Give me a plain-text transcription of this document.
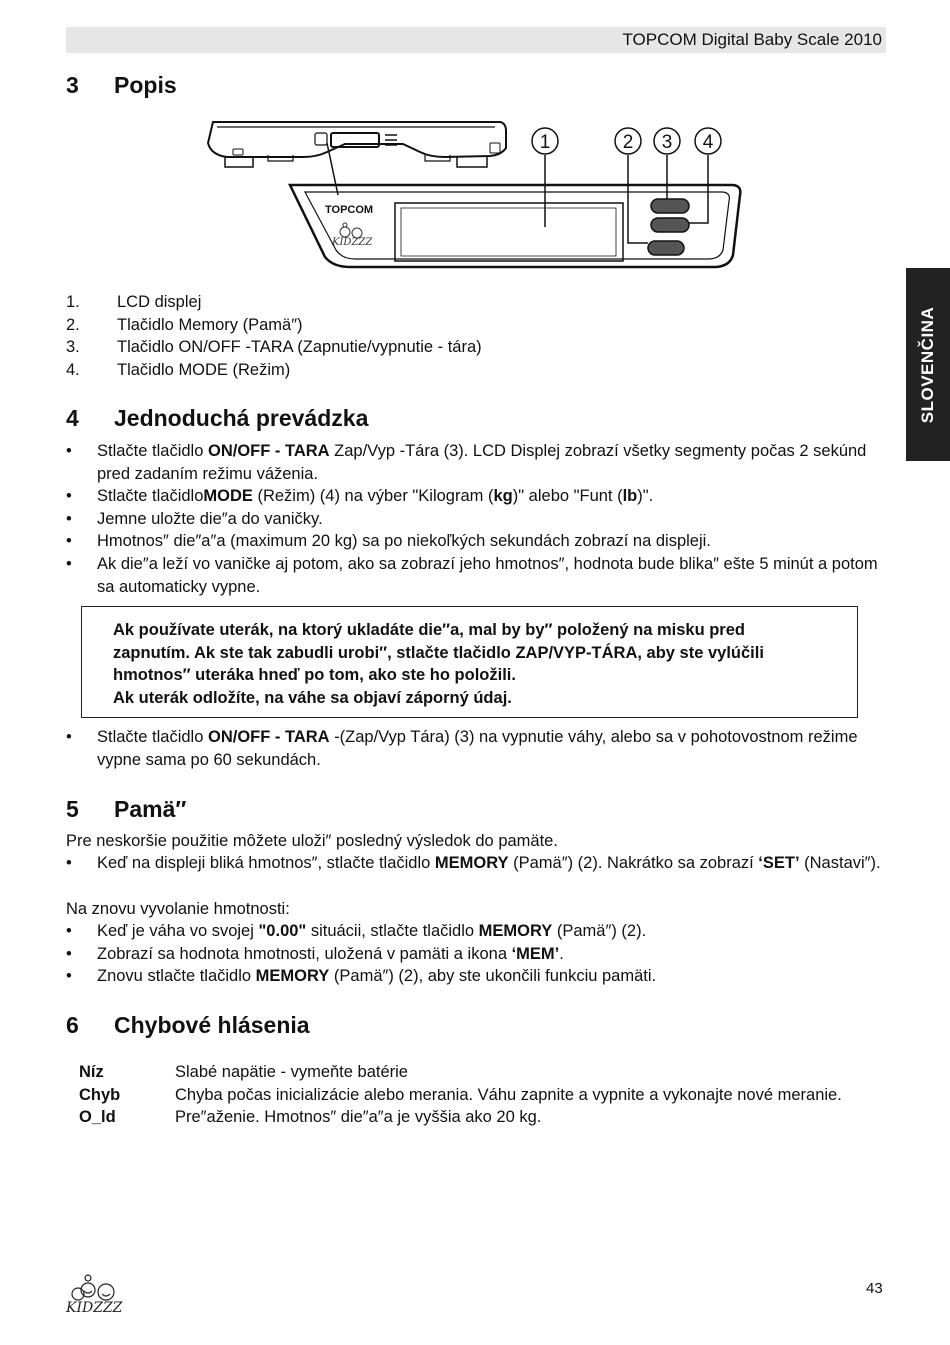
TOPCOM Digital Baby Scale 2010
SLOVENČINA
3 Popis
TOPCOM
KIDZZZ
1	2 3 4
1. LCD displej
2. Tlačidlo Memory (Pamä″)
3. Tlačidlo ON/OFF -TARA (Zapnutie/vypnutie - tára)
4. Tlačidlo MODE (Režim)
4 Jednoduchá prevádzka
• Stlačte tlačidlo ON/OFF - TARA Zap/Vyp -Tára (3). LCD Displej zobrazí všetky segmenty počas 2 sekúnd pred zadaním režimu váženia.
• Stlačte tlačidloMODE (Režim) (4) na výber "Kilogram (kg)" alebo "Funt (lb)".
• Jemne uložte die″a do vaničky.
• Hmotnos″ die″a″a (maximum 20 kg) sa po niekoľkých sekundách zobrazí na displeji.
• Ak die″a leží vo vaničke aj potom, ako sa zobrazí jeho hmotnos″, hodnota bude blika″ ešte 5 minút a potom sa automaticky vypne.

Ak používate uterák, na ktorý ukladáte die″a, mal by by″ položený na misku pred zapnutím. Ak ste tak zabudli urobi″, stlačte tlačidlo ZAP/VYP-TÁRA, aby ste vylúčili hmotnos″ uteráka hneď po tom, ako ste ho položili.

Ak uterák odložíte, na váhe sa objaví záporný údaj.

• Stlačte tlačidlo ON/OFF - TARA -(Zap/Vyp Tára) (3) na vypnutie váhy, alebo sa v pohotovostnom režime vypne sama po 60 sekundách.
5 Pamä″

Pre neskoršie použitie môžete uloži″ posledný výsledok do pamäte.

• Keď na displeji bliká hmotnos″, stlačte tlačidlo MEMORY (Pamä″) (2). Nakrátko sa zobrazí ‘SET’ (Nastavi″).

Na znovu vyvolanie hmotnosti:

• Keď je váha vo svojej "0.00" situácii, stlačte tlačidlo MEMORY (Pamä″) (2).
• Zobrazí sa hodnota hmotnosti, uložená v pamäti a ikona ‘MEM’.
• Znovu stlačte tlačidlo MEMORY (Pamä″) (2), aby ste ukončili funkciu pamäti.
6 Chybové hlásenia
Níz	Slabé napätie - vymeňte batérie
Chyb	Chyba počas inicializácie alebo merania. Váhu zapnite a vypnite a vykonajte nové meranie.
O_ld	Pre″aženie. Hmotnos″ die″a″a je vyššia ako 20 kg.
KIDZZZ
43
